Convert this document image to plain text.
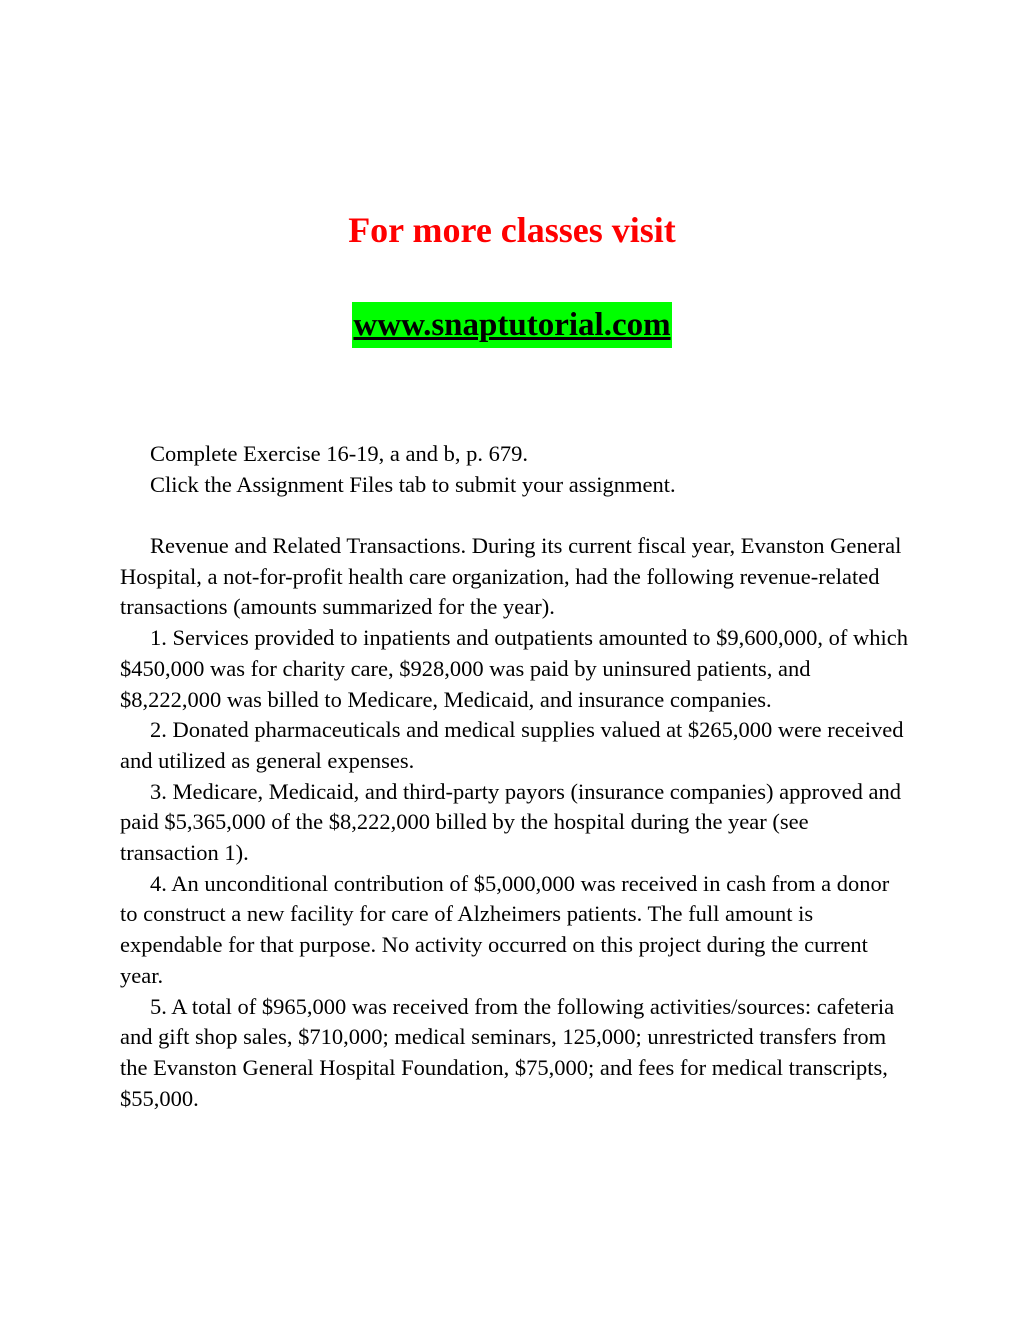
For more classes visit
www.snaptutorial.com

Complete Exercise 16-19, a and b, p. 679.

Click the Assignment Files tab to submit your assignment.

Revenue and Related Transactions. During its current fiscal year, Evanston General Hospital, a not-for-profit health care organization, had the following revenue-related transactions (amounts summarized for the year).

1. Services provided to inpatients and outpatients amounted to $9,600,000, of which $450,000 was for charity care, $928,000 was paid by uninsured patients, and $8,222,000 was billed to Medicare, Medicaid, and insurance companies.

2. Donated pharmaceuticals and medical supplies valued at $265,000 were received and utilized as general expenses.

3. Medicare, Medicaid, and third-party payors (insurance companies) approved and paid $5,365,000 of the $8,222,000 billed by the hospital during the year (see transaction 1).

4. An unconditional contribution of $5,000,000 was received in cash from a donor to construct a new facility for care of Alzheimers patients. The full amount is expendable for that purpose. No activity occurred on this project during the current year.

5. A total of $965,000 was received from the following activities/sources: cafeteria and gift shop sales, $710,000; medical seminars, 125,000; unrestricted transfers from the Evanston General Hospital Foundation, $75,000; and fees for medical transcripts, $55,000.
